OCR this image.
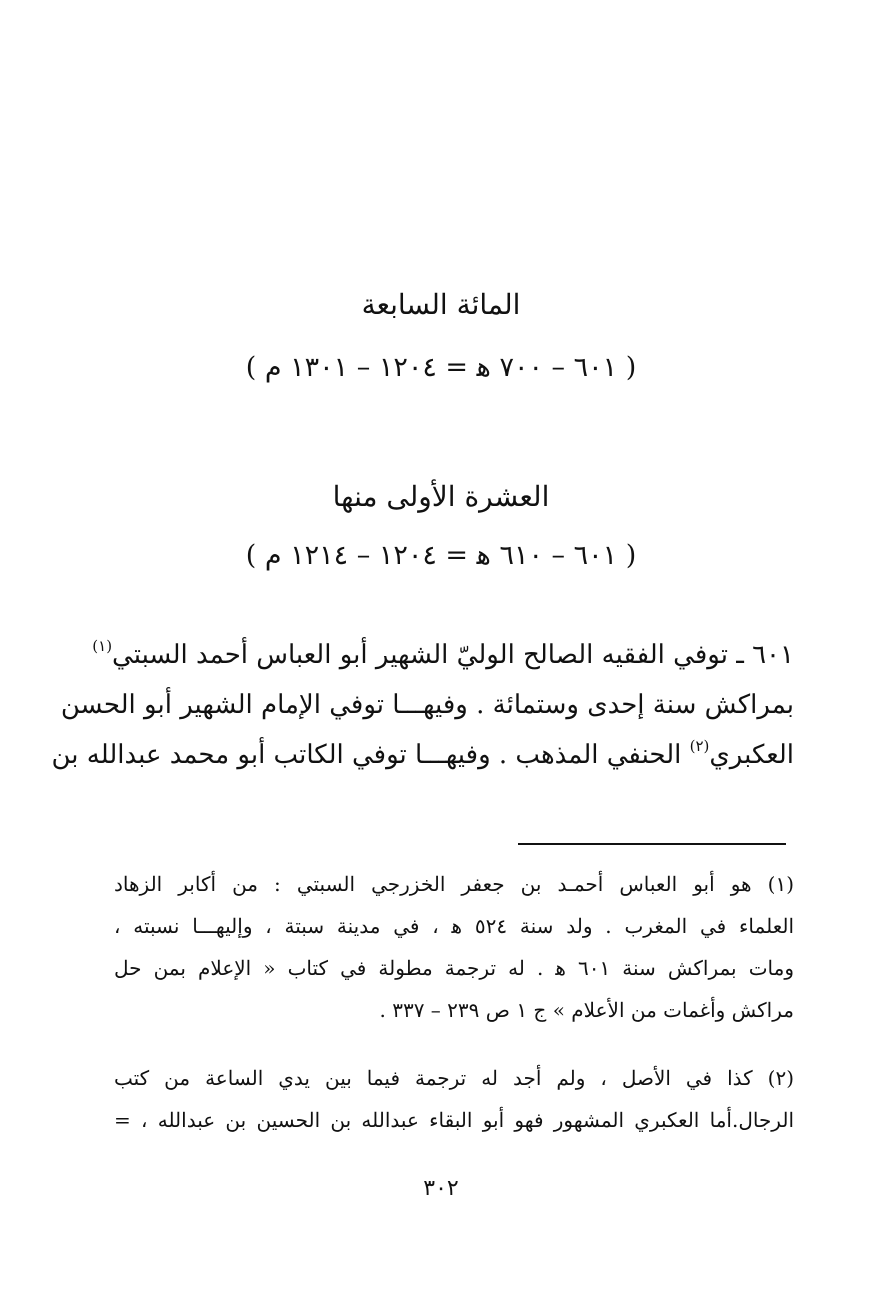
المائة السابعة
( ٦٠١ – ٧٠٠ ﻫ = ١٢٠٤ – ١٣٠١ م )
العشرة الأولى منها
( ٦٠١ – ٦١٠ ﻫ = ١٢٠٤ – ١٢١٤ م )
٦٠١ ـ توفي الفقيه الصالح الوليّ الشهير أبو العباس أحمد السبتي$^{(١)}$
بمراكش سنة إحدى وستمائة . وفيهـــا توفي الإمام الشهير أبو الحسن
العكبري$^{(٢)}$ الحنفي المذهب . وفيهـــا توفي الكاتب أبو محمد عبدالله بن
(١) هو أبو العباس أحمـد بن جعفر الخزرجي السبتي : من أكابر الزهاد
العلماء في المغرب . ولد سنة ٥٢٤ ﻫ ، في مدينة سبتة ، وإليهـــا نسبته ،
ومات بمراكش سنة ٦٠١ ﻫ . له ترجمة مطولة في كتاب « الإعلام بمن حل
مراكش وأغمات من الأعلام » ج ١ ص ٢٣٩ – ٣٣٧ .
(٢) كذا في الأصل ، ولم أجد له ترجمة فيما بين يدي الساعة من كتب
الرجال.أما العكبري المشهور فهو أبو البقاء عبدالله بن الحسين بن عبدالله ، =
٣٠٢
